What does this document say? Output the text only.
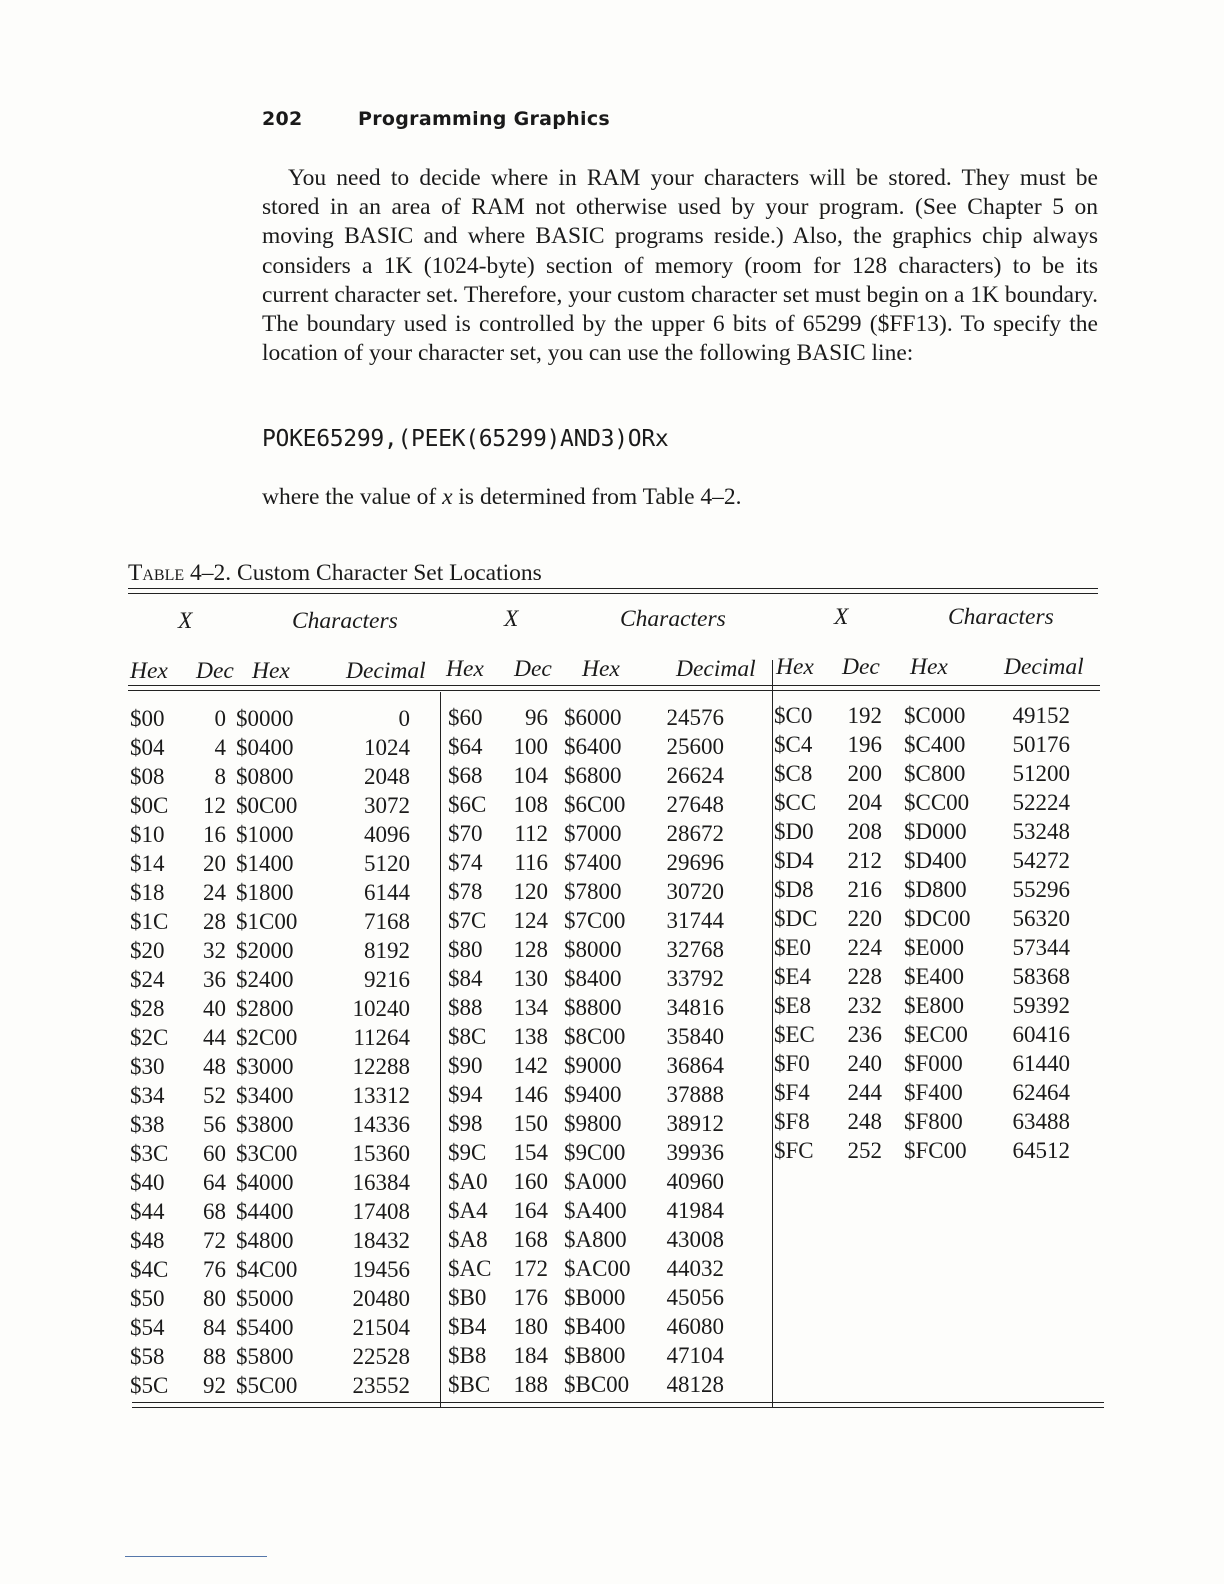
202	Programming Graphics
You need to decide where in RAM your characters will be stored. They must be stored in an area of RAM not otherwise used by your program. (See Chapter 5 on moving BASIC and where BASIC programs reside.) Also, the graphics chip always considers a 1K (1024-byte) section of memory (room for 128 characters) to be its current character set. Therefore, your custom character set must begin on a 1K boundary. The boundary used is controlled by the upper 6 bits of 65299 ($FF13). To specify the location of your character set, you can use the following BASIC line:
POKE65299,(PEEK(65299)AND3)ORx
where the value of x is determined from Table 4–2.
Table 4–2. Custom Character Set Locations
X	Characters	X	Characters	X	Characters
Hex Dec Hex Decimal Hex Dec Hex Decimal Hex Dec Hex Decimal
$00	0 $0000	0
$04	4 $0400	1024
$08	8 $0800	2048
$0C	12 $0C00	3072
$10	16 $1000	4096
$14	20 $1400	5120
$18	24 $1800	6144
$1C	28 $1C00	7168
$20	32 $2000	8192
$24	36 $2400	9216
$28	40 $2800	10240
$2C	44 $2C00	11264
$30	48 $3000	12288
$34	52 $3400	13312
$38	56 $3800	14336
$3C	60 $3C00	15360
$40	64 $4000	16384
$44	68 $4400	17408
$48	72 $4800	18432
$4C	76 $4C00	19456
$50	80 $5000	20480
$54	84 $5400	21504
$58	88 $5800	22528
$5C	92 $5C00	23552
$60	96 $6000	24576
$64	100 $6400	25600
$68	104 $6800	26624
$6C	108 $6C00	27648
$70	112 $7000	28672
$74	116 $7400	29696
$78	120 $7800	30720
$7C	124 $7C00	31744
$80	128 $8000	32768
$84	130 $8400	33792
$88	134 $8800	34816
$8C	138 $8C00	35840
$90	142 $9000	36864
$94	146 $9400	37888
$98	150 $9800	38912
$9C	154 $9C00	39936
$A0	160 $A000	40960
$A4	164 $A400	41984
$A8	168 $A800	43008
$AC 172 $AC00	44032
$B0	176 $B000	45056
$B4	180 $B400	46080
$B8	184 $B800	47104
$BC	188 $BC00	48128
$C0	192 $C000	49152
$C4	196 $C400	50176
$C8	200 $C800	51200
$CC	204 $CC00	52224
$D0	208 $D000	53248
$D4	212 $D400	54272
$D8	216 $D800	55296
$DC	220 $DC00	56320
$E0	224 $E000	57344
$E4	228 $E400	58368
$E8	232 $E800	59392
$EC	236 $EC00	60416
$F0	240 $F000	61440
$F4	244 $F400	62464
$F8	248 $F800	63488
$FC	252 $FC00	64512
